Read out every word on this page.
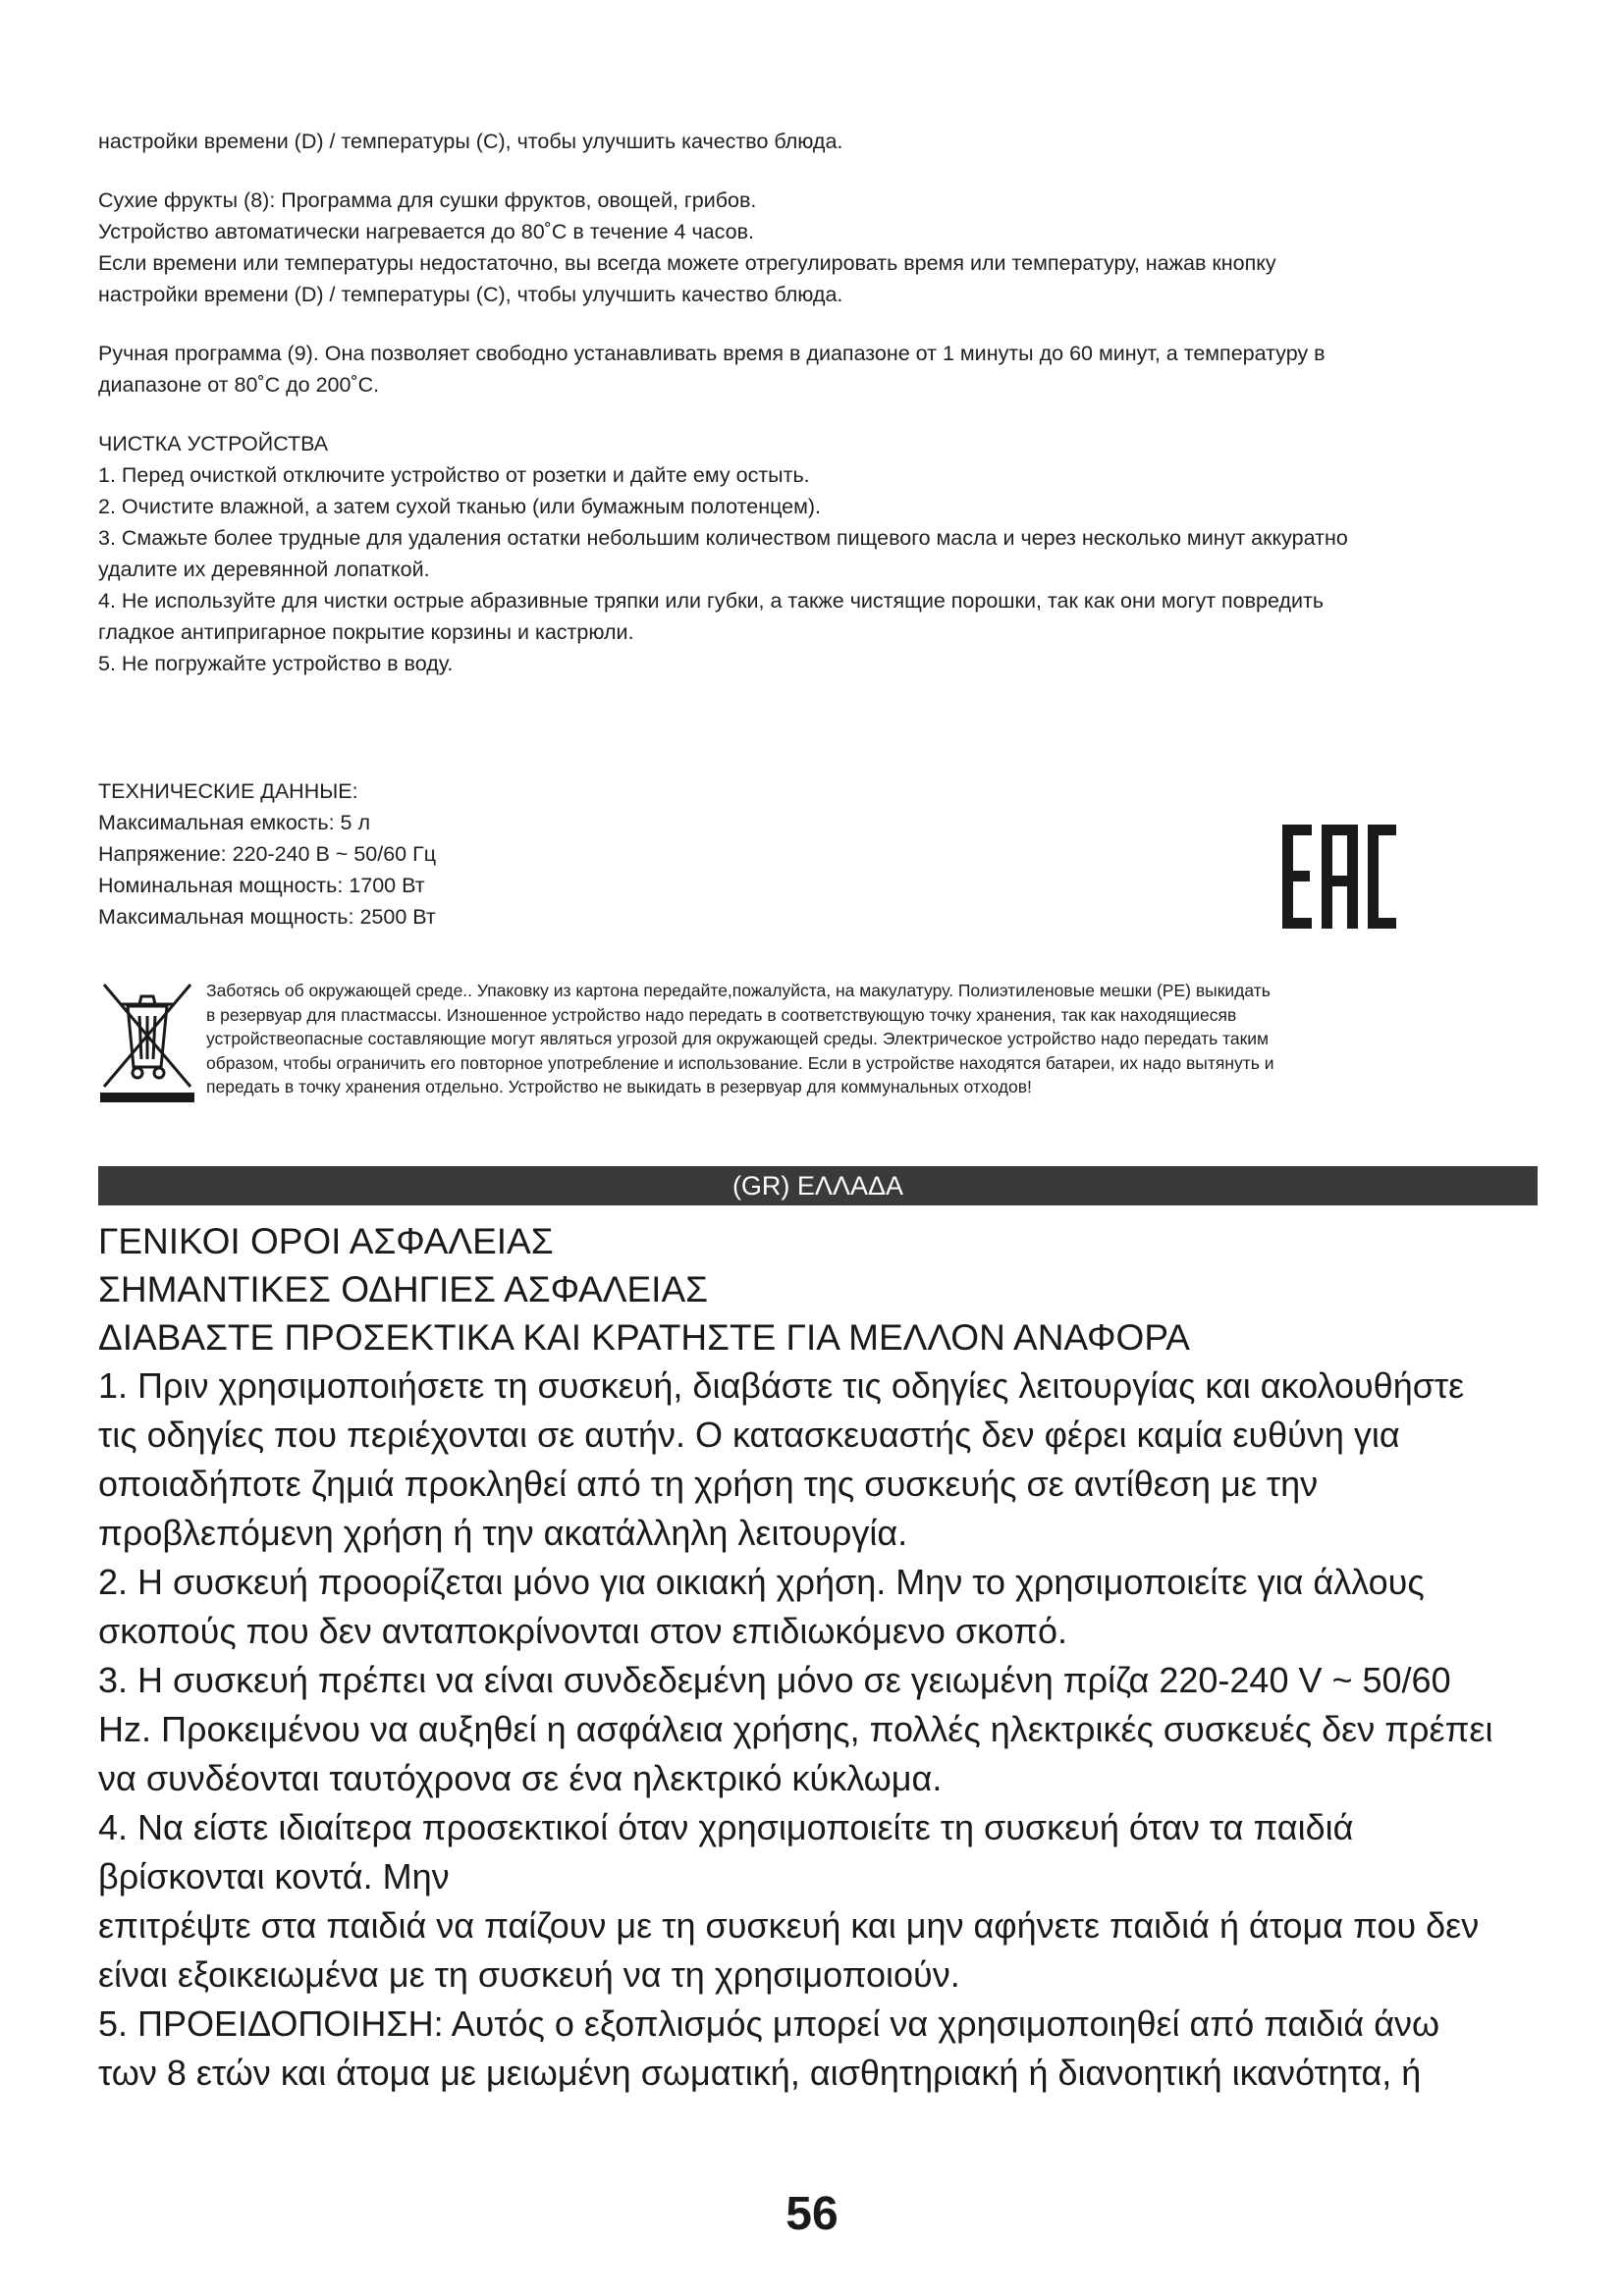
настройки времени (D) / температуры (C), чтобы улучшить качество блюда.

Сухие фрукты (8): Программа для сушки фруктов, овощей, грибов.

Устройство автоматически нагревается до 80˚C в течение 4 часов.

Если времени или температуры недостаточно, вы всегда можете отрегулировать время или температуру, нажав кнопку

настройки времени (D) / температуры (C), чтобы улучшить качество блюда.

Ручная программа (9). Она позволяет свободно устанавливать время в диапазоне от 1 минуты до 60 минут, а температуру в

диапазоне от 80˚C до 200˚C.

ЧИСТКА УСТРОЙСТВА

1. Перед очисткой отключите устройство от розетки и дайте ему остыть.

2. Очистите влажной, а затем сухой тканью (или бумажным полотенцем).

3. Смажьте более трудные для удаления остатки небольшим количеством пищевого масла и через несколько минут аккуратно

удалите их деревянной лопаткой.

4. Не используйте для чистки острые абразивные тряпки или губки, а также чистящие порошки, так как они могут повредить

гладкое антипригарное покрытие корзины и кастрюли.

5. Не погружайте устройство в воду.

ТЕХНИЧЕСКИЕ ДАННЫЕ:

Максимальная емкость: 5 л

Напряжение: 220-240 В ~ 50/60 Гц

Номинальная мощность: 1700 Вт

Максимальная мощность: 2500 Вт

Заботясь об окружающей среде.. Упаковку из картона передайте,пожалуйста, на макулатуру. Полиэтиленовые мешки (PE) выкидать

в резервуар для пластмассы. Изношенное устройство надо передать в соответствующую точку хранения, так как находящиесяв

устройствеопасные составляющие могут являться угрозой для окружающей среды. Электрическое устройство надо передать таким

образом, чтобы ограничить его повторное употребление и использование. Если в устройстве находятся батареи, их надо вытянуть и

передать в точку хранения отдельно. Устройство не выкидать в резервуар для коммунальных отходов!

(GR) ΕΛΛΑΔΑ

ΓΕΝΙΚΟΙ ΟΡΟΙ ΑΣΦΑΛΕΙΑΣ

ΣΗΜΑΝΤΙΚΕΣ ΟΔΗΓΙΕΣ ΑΣΦΑΛΕΙΑΣ

ΔΙΑΒΑΣΤΕ ΠΡΟΣΕΚΤΙΚΑ ΚΑΙ ΚΡΑΤΗΣΤΕ ΓΙΑ ΜΕΛΛΟΝ ΑΝΑΦΟΡΑ

1. Πριν χρησιμοποιήσετε τη συσκευή, διαβάστε τις οδηγίες λειτουργίας και ακολουθήστε

τις οδηγίες που περιέχονται σε αυτήν. Ο κατασκευαστής δεν φέρει καμία ευθύνη για

οποιαδήποτε ζημιά προκληθεί από τη χρήση της συσκευής σε αντίθεση με την

προβλεπόμενη χρήση ή την ακατάλληλη λειτουργία.

2. Η συσκευή προορίζεται μόνο για οικιακή χρήση. Μην το χρησιμοποιείτε για άλλους

σκοπούς που δεν ανταποκρίνονται στον επιδιωκόμενο σκοπό.

3. Η συσκευή πρέπει να είναι συνδεδεμένη μόνο σε γειωμένη πρίζα 220-240 V ~ 50/60

Hz. Προκειμένου να αυξηθεί η ασφάλεια χρήσης, πολλές ηλεκτρικές συσκευές δεν πρέπει

να συνδέονται ταυτόχρονα σε ένα ηλεκτρικό κύκλωμα.

4. Να είστε ιδιαίτερα προσεκτικοί όταν χρησιμοποιείτε τη συσκευή όταν τα παιδιά

βρίσκονται κοντά. Μην

επιτρέψτε στα παιδιά να παίζουν με τη συσκευή και μην αφήνετε παιδιά ή άτομα που δεν

είναι εξοικειωμένα με τη συσκευή να τη χρησιμοποιούν.

5. ΠΡΟΕΙΔΟΠΟΙΗΣΗ: Αυτός ο εξοπλισμός μπορεί να χρησιμοποιηθεί από παιδιά άνω

των 8 ετών και άτομα με μειωμένη σωματική, αισθητηριακή ή διανοητική ικανότητα, ή

56
